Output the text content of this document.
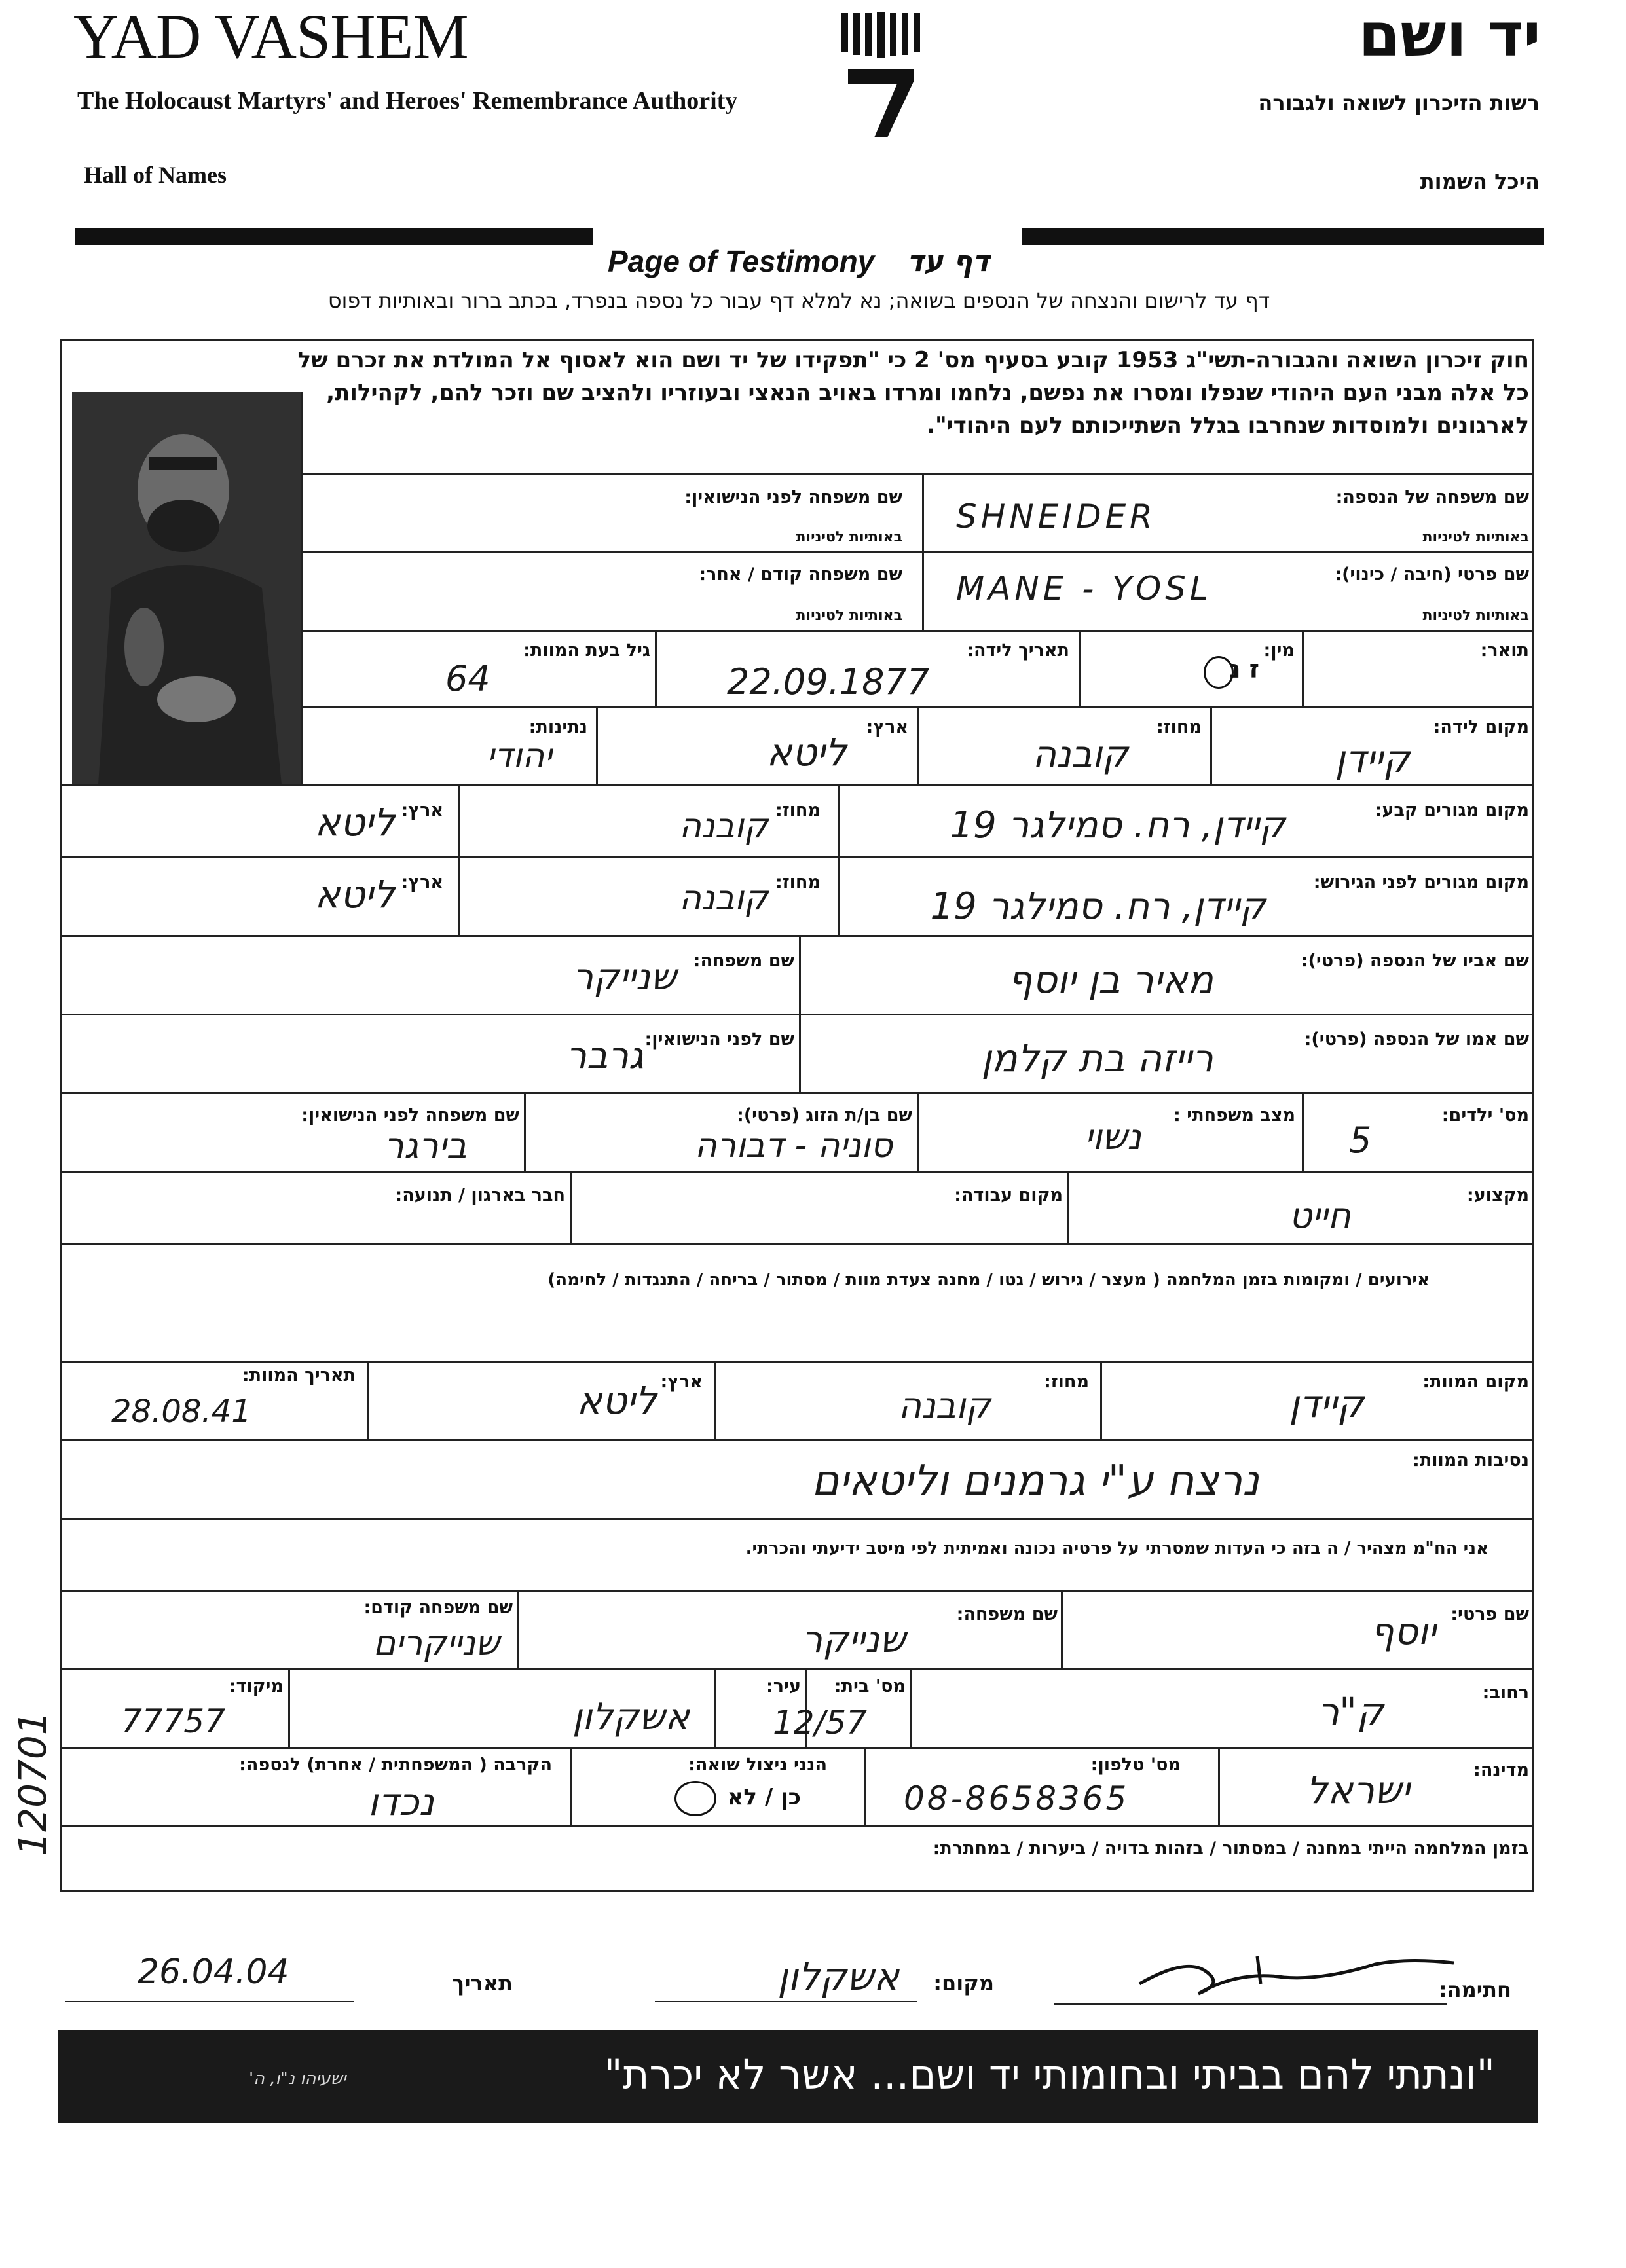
YAD VASHEM
The Holocaust Martyrs' and Heroes' Remembrance Authority
Hall of Names
יד ושם
רשות הזיכרון לשואה ולגבורה
היכל השמות
Page of Testimony דף עד
דף עד לרישום והנצחה של הנספים בשואה; נא למלא דף עבור כל נספה בנפרד, בכתב ברור ובאותיות דפוס
חוק זיכרון השואה והגבורה-תשי"ג 1953 קובע בסעיף מס' 2 כי "תפקידו של יד ושם הוא לאסוף אל המולדת את זכרם של
כל אלה מבני העם היהודי שנפלו ומסרו את נפשם, נלחמו ומרדו באויב הנאצי ובעוזריו ולהציב שם וזכר להם, לקהילות,
לארגונים ולמוסדות שנחרבו בגלל השתייכותם לעם היהודי".
שם משפחה של הנספה:
באותיות לטיניות
שם משפחה לפני הנישואין:
באותיות לטיניות
SHNEIDER
שם פרטי (חיבה / כינוי):
באותיות לטיניות
שם משפחה קודם / אחר:
באותיות לטיניות
MANE - YOSL
תואר:
מין:
ז נ
תאריך לידה:
22.09.1877
גיל בעת המוות:
64
מקום לידה:
קיידן
מחוז:
קובנה
ארץ:
ליטא
נתינות:
יהודי
מקום מגורים קבע:
קיידן, רח. סמילגר 19
מחוז:
קובנה
ארץ:
ליטא
מקום מגורים לפני הגירוש:
קיידן, רח. סמילגר 19
מחוז:
קובנה
ארץ:
ליטא
שם אביו של הנספה (פרטי):
מאיר בן יוסף
שם משפחה:
שנייקר
שם אמו של הנספה (פרטי):
רייזה בת קלמן
שם לפני הנישואין:
גרבר
מס' ילדים:
5
מצב משפחתי :
נשוי
שם בן/ת הזוג (פרטי):
סוניה - דבורה
שם משפחה לפני הנישואין:
בירגר
מקצוע:
חייט
מקום עבודה:
חבר בארגון / תנועה:
אירועים / ומקומות בזמן המלחמה ( מעצר / גירוש / גטו / מחנה צעדת מוות / מסתור / בריחה / התנגדות / לחימה)
מקום המוות:
קיידן
מחוז:
קובנה
ארץ:
ליטא
תאריך המוות:
28.08.41
נסיבות המוות:
נרצח ע"י גרמנים וליטאים
אני הח"מ מצהיר / ה בזה כי העדות שמסרתי על פרטיה נכונה ואמיתית לפי מיטב ידיעתי והכרתי.
שם פרטי:
יוסף
שם משפחה:
שנייקר
שם משפחה קודם:
שנייקרים
רחוב:
ק"ר
מס' בית:
12/57
עיר:
אשקלון
מיקוד:
77757
מדינה:
ישראל
מס' טלפון:
08-8658365
הנני ניצול שואה:
כן / לא
הקרבה ( המשפחתית / אחרת) לנספה:
נכדו
בזמן המלחמה הייתי במחנה / במסתור / בזהות בדויה / ביערות / במחתרת:
120701
חתימה:
מקום:
אשקלון
תאריך
26.04.04
"ונתתי להם בביתי ובחומותי יד ושם... אשר לא יכרת"
ישעיהו נ"ו, ה'
